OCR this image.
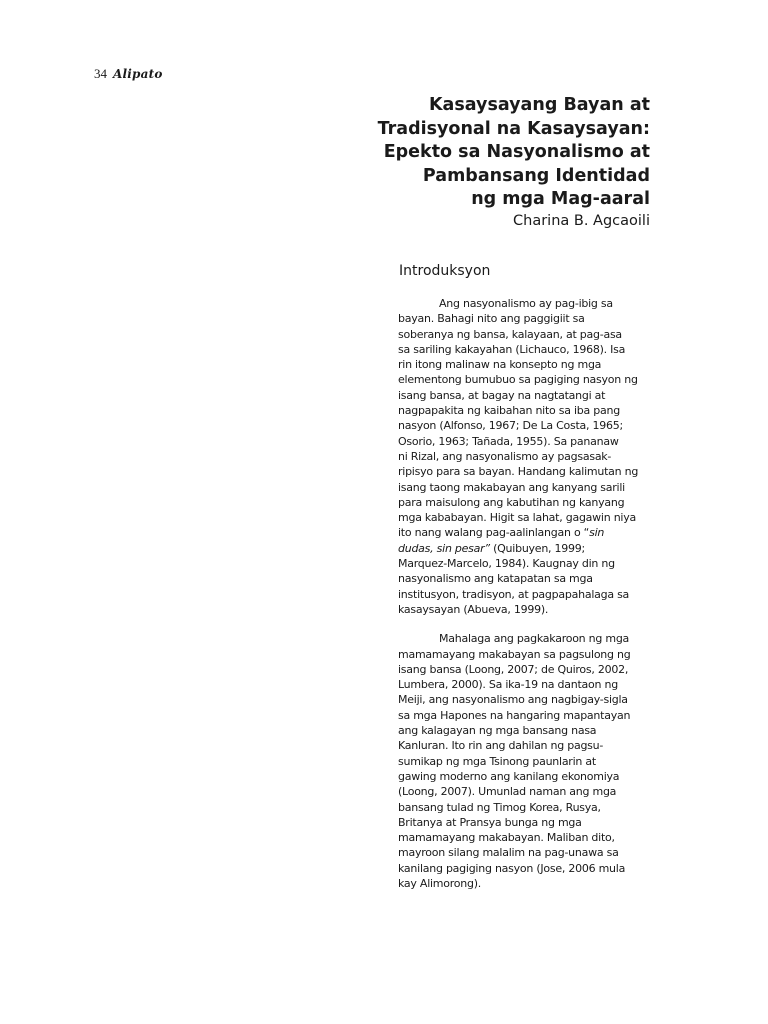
34 Alipato
Kasaysayang Bayan at
Tradisyonal na Kasaysayan:
Epekto sa Nasyonalismo at
Pambansang Identidad
ng mga Mag-aaral
Charina B. Agcaoili
Introduksyon
Ang nasyonalismo ay pag-ibig sa
bayan. Bahagi nito ang paggigiit sa
soberanya ng bansa, kalayaan, at pag-asa
sa sariling kakayahan (Lichauco, 1968). Isa
rin itong malinaw na konsepto ng mga
elementong bumubuo sa pagiging nasyon ng
isang bansa, at bagay na nagtatangi at
nagpapakita ng kaibahan nito sa iba pang
nasyon (Alfonso, 1967; De La Costa, 1965;
Osorio, 1963; Tañada, 1955). Sa pananaw
ni Rizal, ang nasyonalismo ay pagsasak-
ripisyo para sa bayan. Handang kalimutan ng
isang taong makabayan ang kanyang sarili
para maisulong ang kabutihan ng kanyang
mga kababayan. Higit sa lahat, gagawin niya
ito nang walang pag-aalinlangan o “sin
dudas, sin pesar” (Quibuyen, 1999;
Marquez-Marcelo, 1984). Kaugnay din ng
nasyonalismo ang katapatan sa mga
institusyon, tradisyon, at pagpapahalaga sa
kasaysayan (Abueva, 1999).
Mahalaga ang pagkakaroon ng mga
mamamayang makabayan sa pagsulong ng
isang bansa (Loong, 2007; de Quiros, 2002,
Lumbera, 2000). Sa ika-19 na dantaon ng
Meiji, ang nasyonalismo ang nagbigay-sigla
sa mga Hapones na hangaring mapantayan
ang kalagayan ng mga bansang nasa
Kanluran. Ito rin ang dahilan ng pagsu-
sumikap ng mga Tsinong paunlarin at
gawing moderno ang kanilang ekonomiya
(Loong, 2007). Umunlad naman ang mga
bansang tulad ng Timog Korea, Rusya,
Britanya at Pransya bunga ng mga
mamamayang makabayan. Maliban dito,
mayroon silang malalim na pag-unawa sa
kanilang pagiging nasyon (Jose, 2006 mula
kay Alimorong).
